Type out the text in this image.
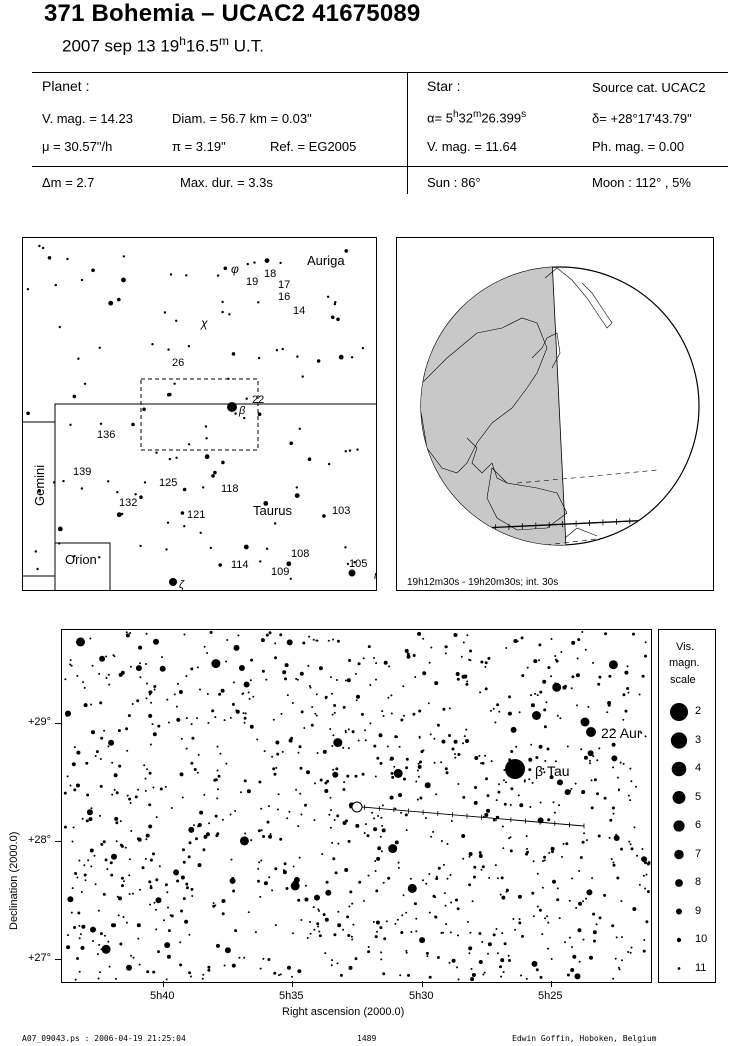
371 Bohemia – UCAC2 41675089
2007 sep 13 19$^h$16.5$^m$ U.T.
Planet :
V. mag. = 14.23	Diam. = 56.7 km = 0.03"
μ = 30.57"/h	π = 3.19"	Ref. = EG2005
Δm = 2.7	Max. dur. = 3.3s
Star :	Source cat. UCAC2
$\alpha= 5^h32^m26.399^s$	δ= +28°17'43.79"
V. mag. = 11.64	Ph. mag. = 0.00
Sun : 86°	Moon : 112° , 5%
Auriga
Taurus
Gemini
Orion
18
19 17
16
14
26
22
136
139
125	118
132
121	103
108
105
114
109
φ
χ
β
ζ
ι
19h12m30s - 19h20m30s; int. 30s
β Tau
22 Aur
Declination (2000.0)
+29°
+28°
+27°
5h40	5h35	5h30	5h25
Right ascension (2000.0)
Vis.
magn.
scale
2
3
4
5
6
7
8
9
10
11
A07_09043.ps : 2006-04-19 21:25:04	1489	Edwin Goffin, Hoboken, Belgium
